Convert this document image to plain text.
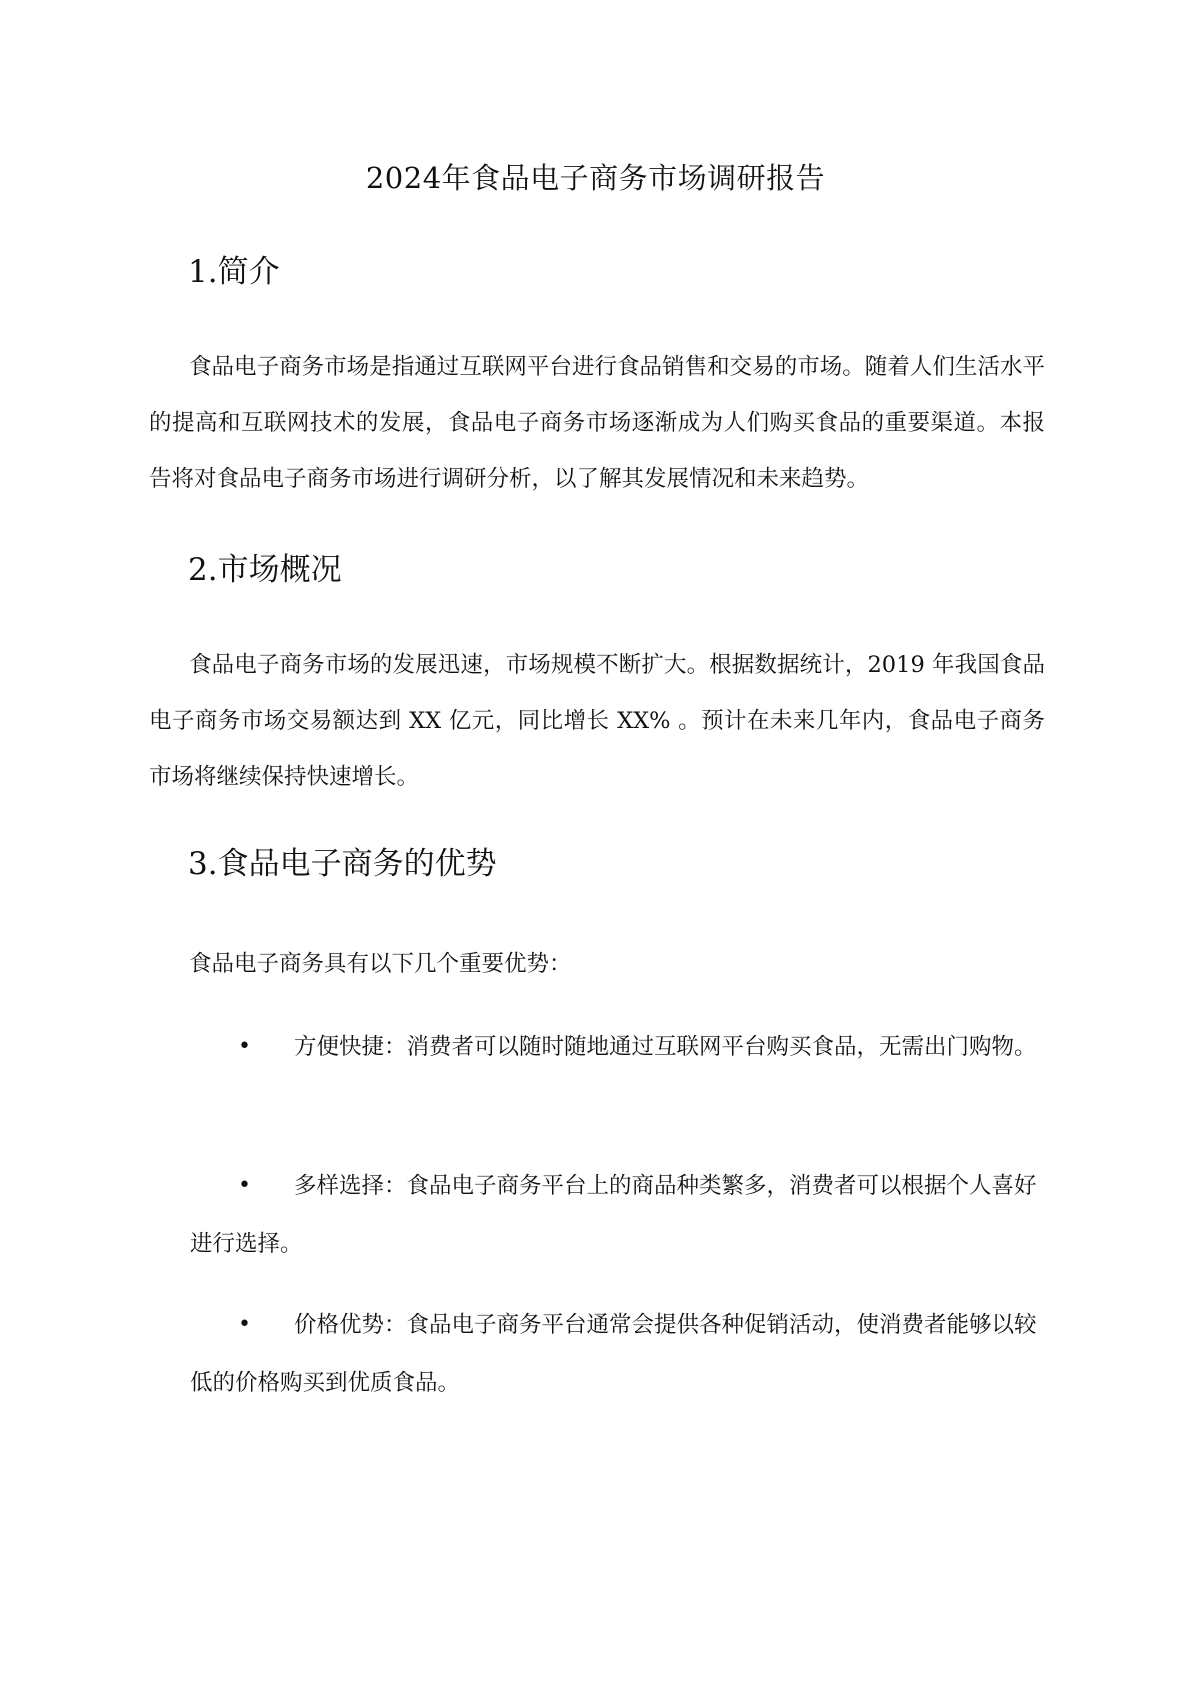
2024年食品电子商务市场调研报告
1.简介

食品电子商务市场是指通过互联网平台进行食品销售和交易的市场。随着人们生活水平的提高和互联网技术的发展，食品电子商务市场逐渐成为人们购买食品的重要渠道。本报告将对食品电子商务市场进行调研分析，以了解其发展情况和未来趋势。

2.市场概况

食品电子商务市场的发展迅速，市场规模不断扩大。根据数据统计，2019 年我国食品电子商务市场交易额达到 XX 亿元，同比增长 XX% 。预计在未来几年内，食品电子商务市场将继续保持快速增长。

3.食品电子商务的优势

食品电子商务具有以下几个重要优势：

•	方便快捷：消费者可以随时随地通过互联网平台购买食品，无需出门购物。

•	多样选择：食品电子商务平台上的商品种类繁多，消费者可以根据个人喜好进行选择。

•	价格优势：食品电子商务平台通常会提供各种促销活动，使消费者能够以较低的价格购买到优质食品。
